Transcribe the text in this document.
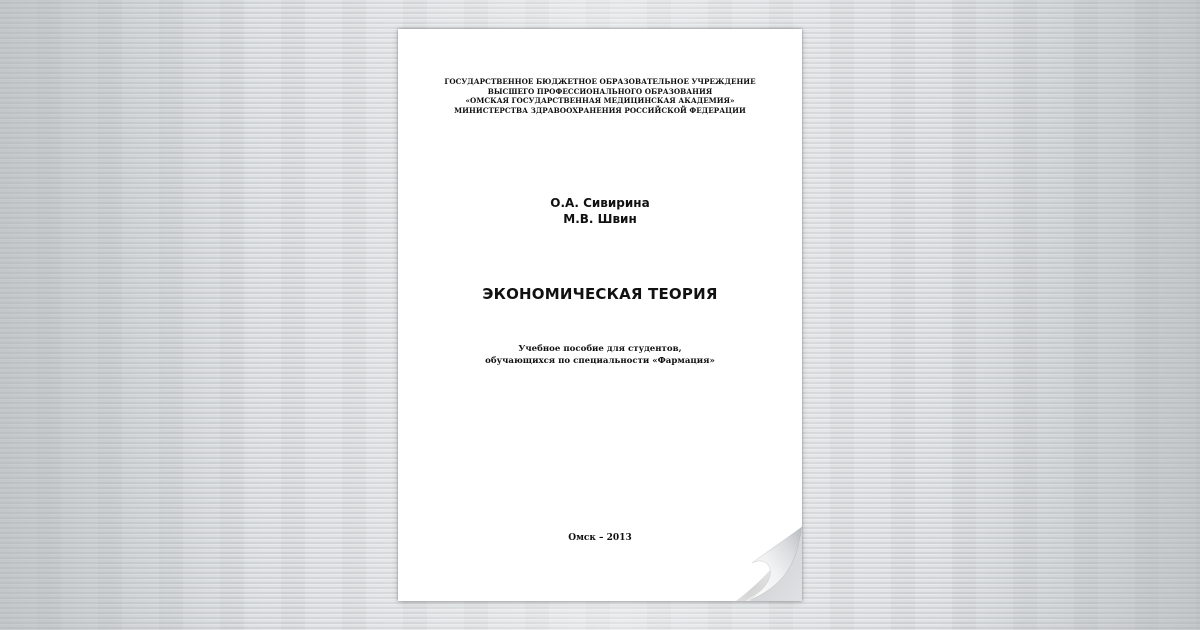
ГОСУДАРСТВЕННОЕ БЮДЖЕТНОЕ ОБРАЗОВАТЕЛЬНОЕ УЧРЕЖДЕНИЕ
ВЫСШЕГО ПРОФЕССИОНАЛЬНОГО ОБРАЗОВАНИЯ
«ОМСКАЯ ГОСУДАРСТВЕННАЯ МЕДИЦИНСКАЯ АКАДЕМИЯ»
МИНИСТЕРСТВА ЗДРАВООХРАНЕНИЯ РОССИЙСКОЙ ФЕДЕРАЦИИ
О.А. Сивирина
М.В. Швин
ЭКОНОМИЧЕСКАЯ ТЕОРИЯ
Учебное пособие для студентов,
обучающихся по специальности «Фармация»
Омск – 2013
